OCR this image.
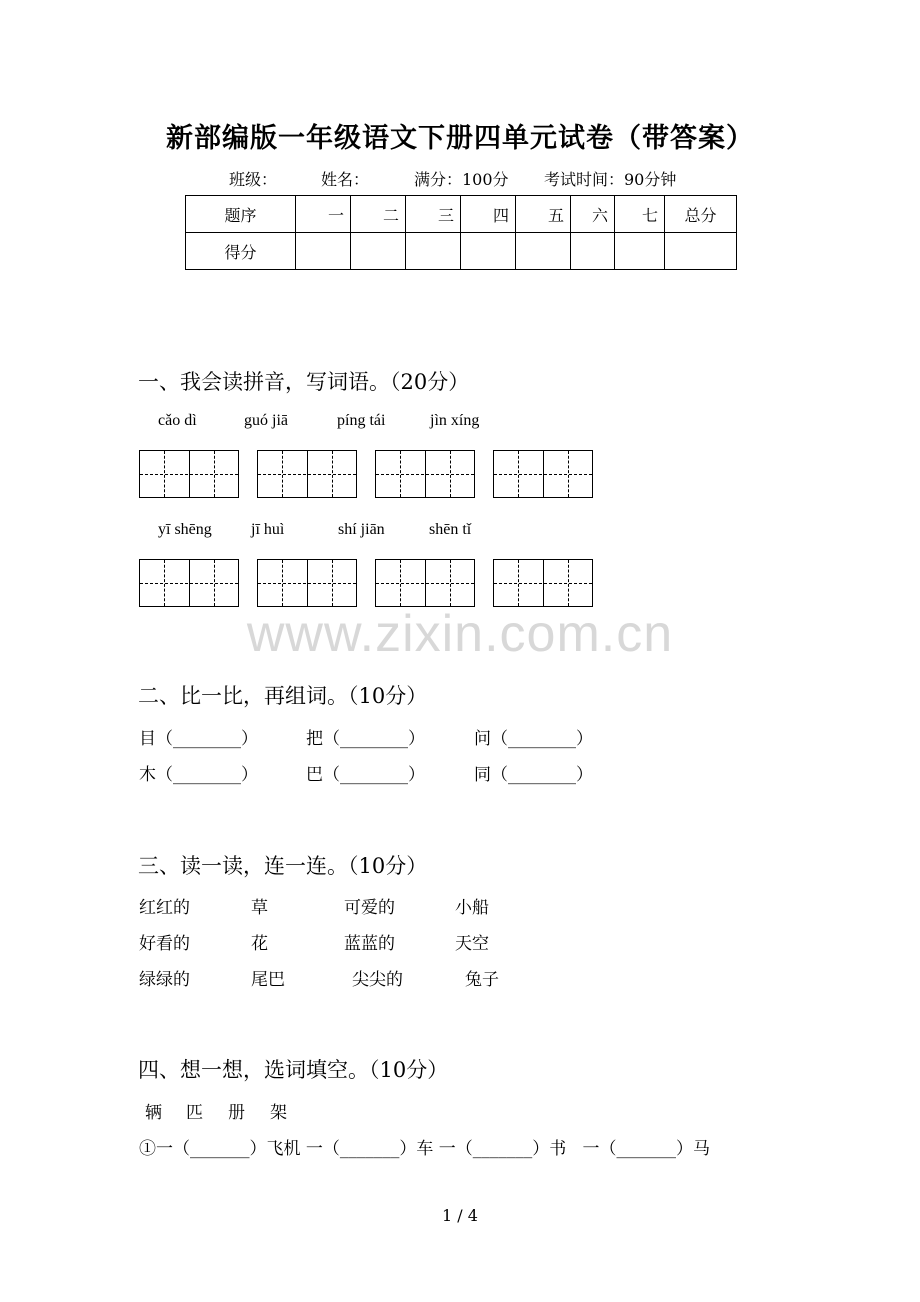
新部编版一年级语文下册四单元试卷（带答案）
班级：	姓名：	满分：100分 考试时间：90分钟
题序	一	二	三	四	五	六	七	总分
得分								
一、我会读拼音，写词语。（20分）
cǎo dì	guó jiā	píng tái	jìn xíng
yī shēng jī huì	shí jiān	shēn tǐ
www.zixin.com.cn
二、比一比，再组词。（10分）
目（________）	把（________）	问（________）
木（________）	巴（________）	同（________）
三、读一读，连一连。（10分）
红红的	草	可爱的	小船
好看的	花	蓝蓝的	天空
绿绿的	尾巴	尖尖的	兔子
四、想一想，选词填空。（10分）
辆 匹 册 架
①一（_______）飞机 一（_______）车 一（_______）书   一（_______）马
1 / 4
